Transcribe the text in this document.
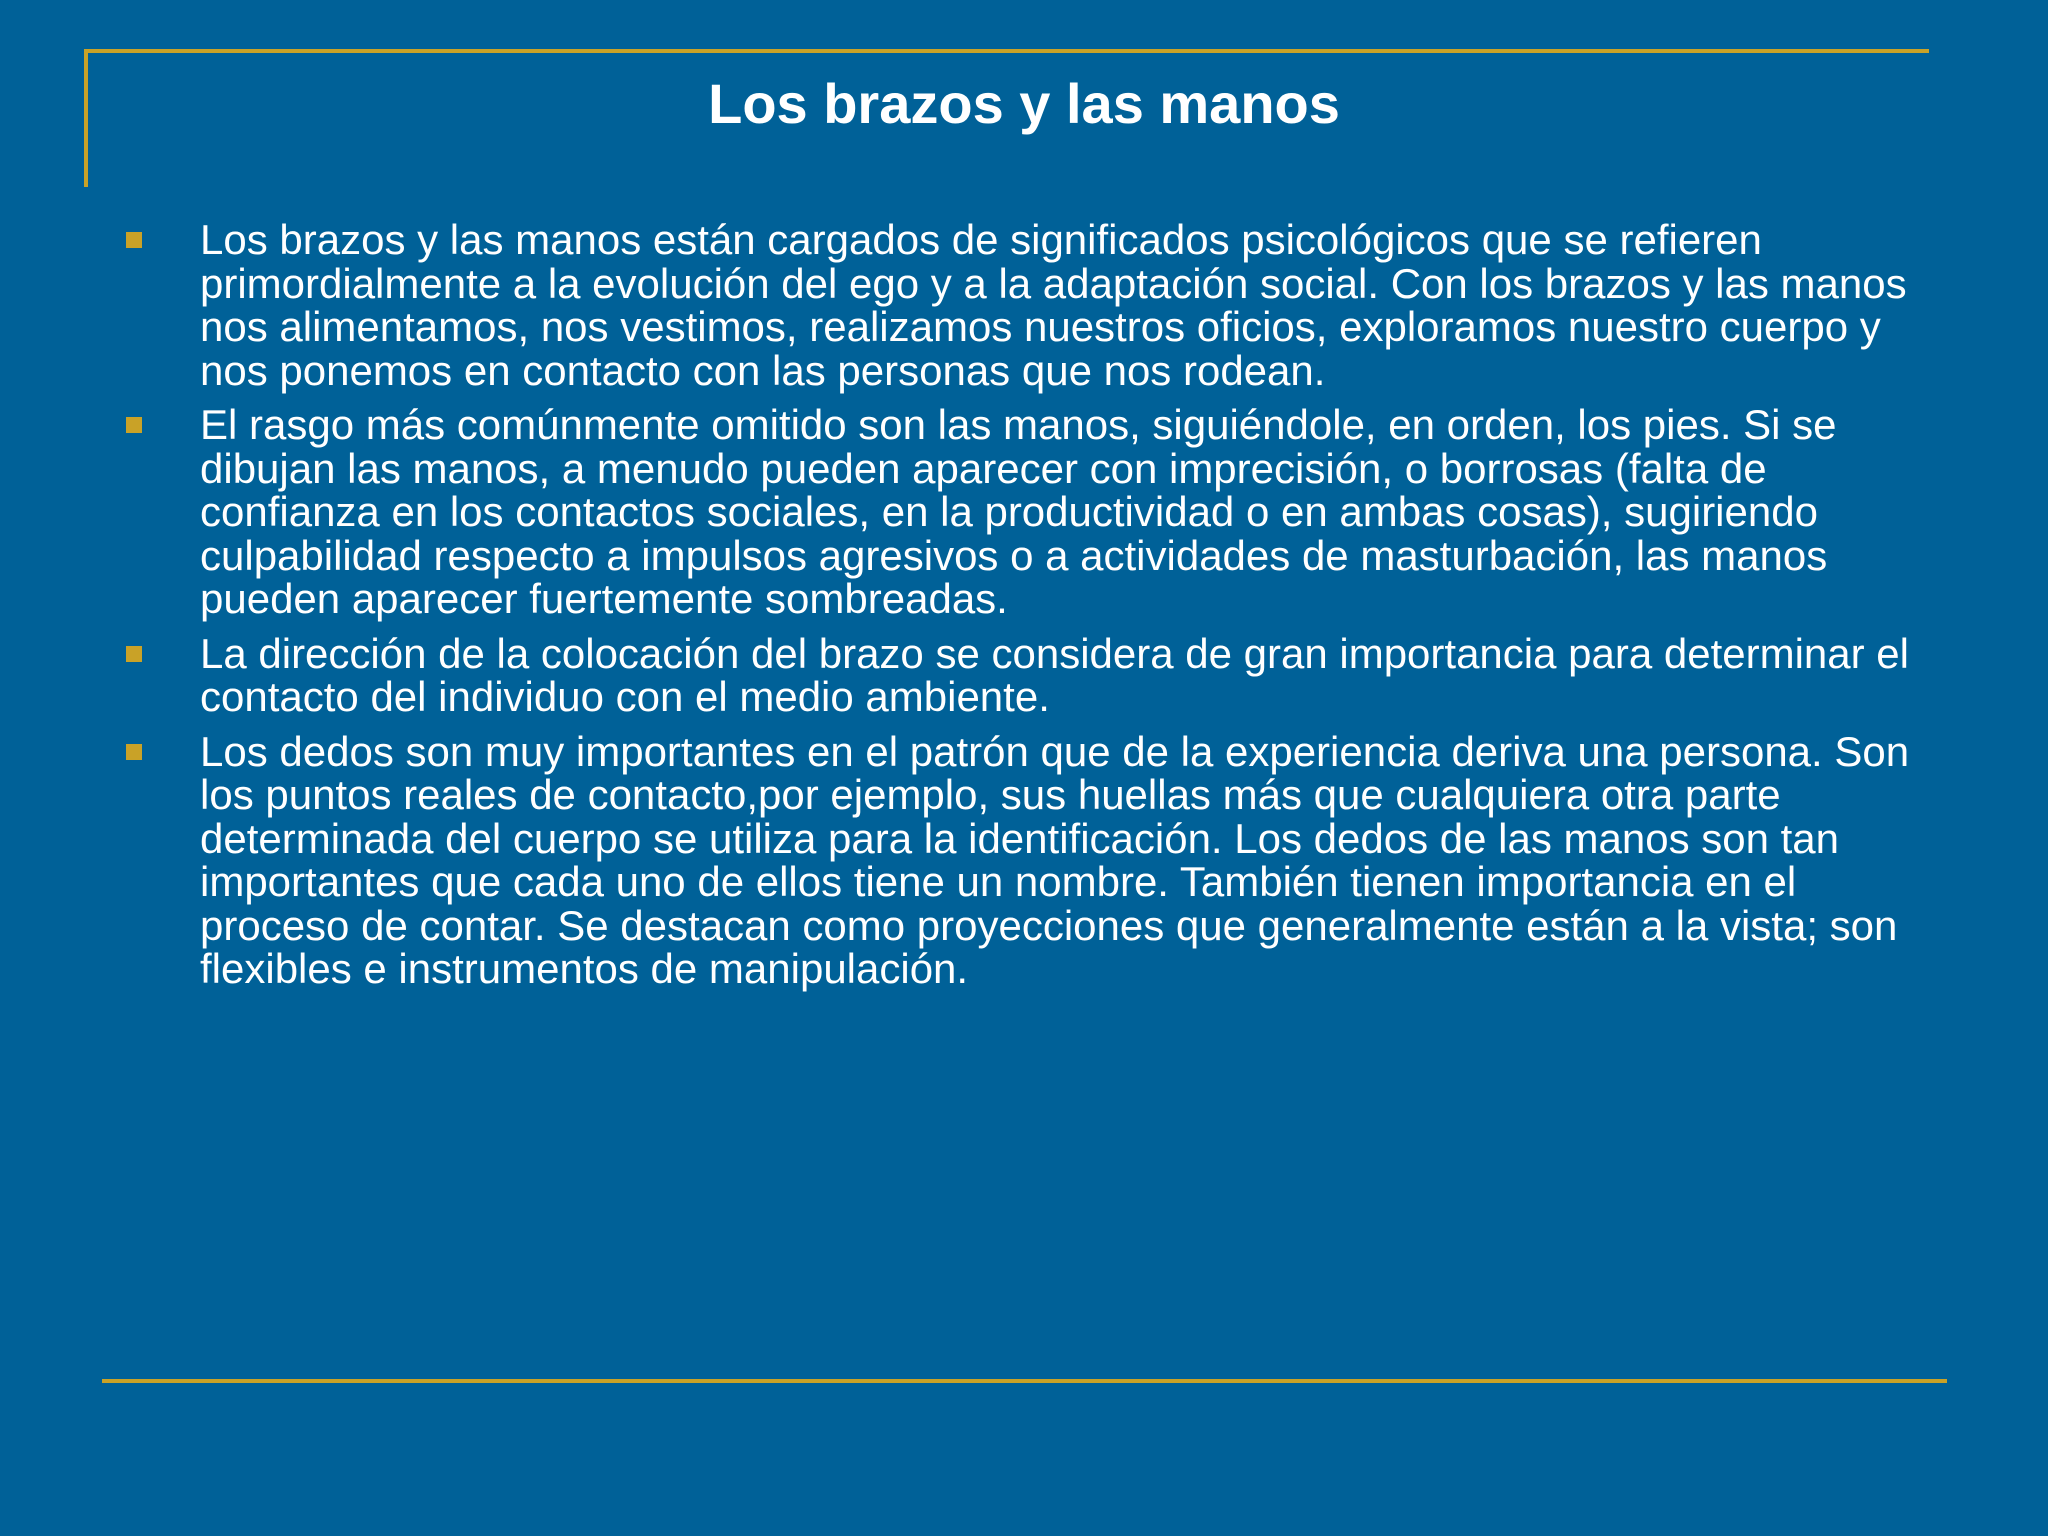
Los brazos y las manos
Los brazos y las manos están cargados de significados psicológicos que se refieren primordialmente a la evolución del ego y a la adaptación social. Con los brazos y las manos nos alimentamos, nos vestimos, realizamos nuestros oficios, exploramos nuestro cuerpo y nos ponemos en contacto con las personas que nos rodean.
El rasgo más comúnmente omitido son las manos, siguiéndole, en orden, los pies. Si se dibujan las manos, a menudo pueden aparecer con imprecisión, o borrosas (falta de confianza en los contactos sociales, en la productividad o en ambas cosas), sugiriendo culpabilidad respecto a impulsos agresivos o a actividades de masturbación, las manos pueden aparecer fuertemente sombreadas.
La dirección de la colocación del brazo se considera de gran importancia para determinar el contacto del individuo con el medio ambiente.
Los dedos son muy importantes en el patrón que de la experiencia deriva una persona. Son los puntos reales de contacto,por ejemplo, sus huellas más que cualquiera otra parte determinada del cuerpo se utiliza para la identificación. Los dedos de las manos son tan importantes que cada uno de ellos tiene un nombre. También tienen importancia en el proceso de contar. Se destacan como proyecciones que generalmente están a la vista; son flexibles e instrumentos de manipulación.
